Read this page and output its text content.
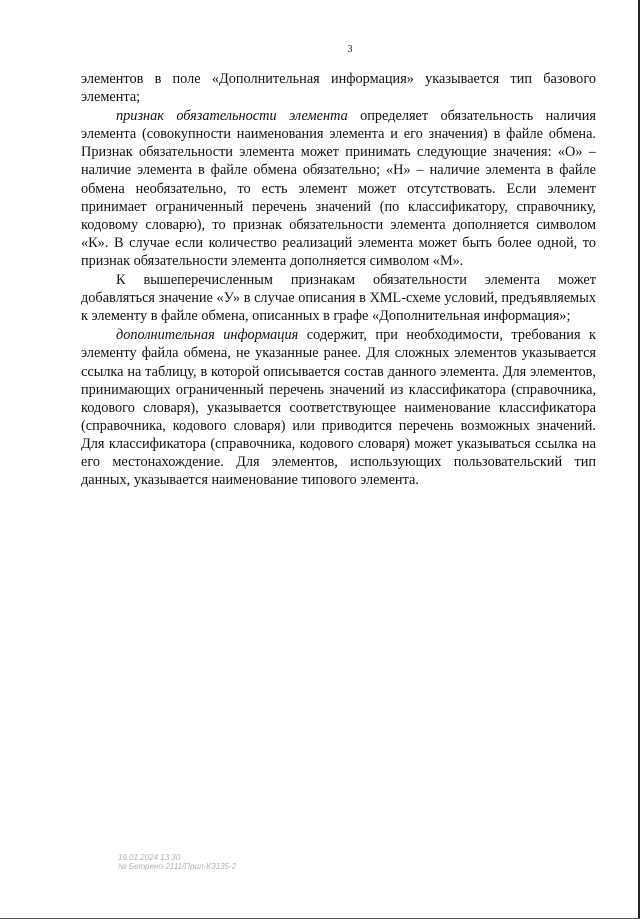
3

элементов в поле «Дополнительная информация» указывается тип базового элемента;

признак обязательности элемента определяет обязательность наличия элемента (совокупности наименования элемента и его значения) в файле обмена. Признак обязательности элемента может принимать следующие значения: «О» – наличие элемента в файле обмена обязательно; «Н» – наличие элемента в файле обмена необязательно, то есть элемент может отсутствовать. Если элемент принимает ограниченный перечень значений (по классификатору, справочнику, кодовому словарю), то признак обязательности элемента дополняется символом «К». В случае если количество реализаций элемента может быть более одной, то признак обязательности элемента дополняется символом «М».

К вышеперечисленным признакам обязательности элемента может добавляться значение «У» в случае описания в XML-схеме условий, предъявляемых к элементу в файле обмена, описанных в графе «Дополнительная информация»;

дополнительная информация содержит, при необходимости, требования к элементу файла обмена, не указанные ранее. Для сложных элементов указывается ссылка на таблицу, в которой описывается состав данного элемента. Для элементов, принимающих ограниченный перечень значений из классификатора (справочника, кодового словаря), указывается соответствующее наименование классификатора (справочника, кодового словаря) или приводится перечень возможных значений. Для классификатора (справочника, кодового словаря) может указываться ссылка на его местонахождение. Для элементов, использующих пользовательский тип данных, указывается наименование типового элемента.

19.01.2024 13:30
№ Бетрено-2111/Прил-КЗ135-2
